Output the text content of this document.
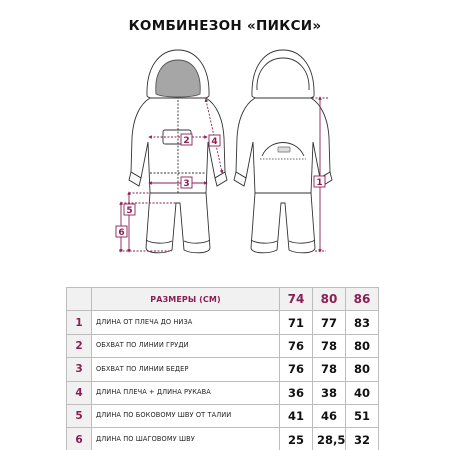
КОМБИНЕЗОН «ПИКСИ»
2
3
4
5
6
1
	РАЗМЕРЫ (СМ)	74	80	86
1	ДЛИНА ОТ ПЛЕЧА ДО НИЗА	71	77	83
2	ОБХВАТ ПО ЛИНИИ ГРУДИ	76	78	80
3	ОБХВАТ ПО ЛИНИИ БЕДЕР	76	78	80
4	ДЛИНА ПЛЕЧА + ДЛИНА РУКАВА	36	38	40
5	ДЛИНА ПО БОКОВОМУ ШВУ ОТ ТАЛИИ	41	46	51
6	ДЛИНА ПО ШАГОВОМУ ШВУ	25	28,5	32
